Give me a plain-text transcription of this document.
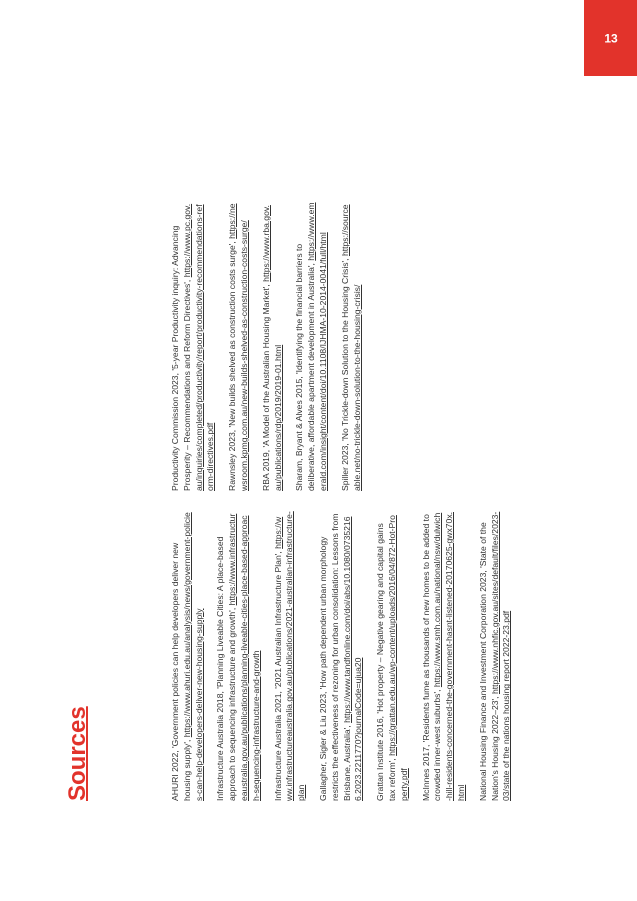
13
Sources	AHURI 2022, 'Government policies can help developers deliver new housing supply', https://www.ahuri.edu.au/analysis/news/government-policies-can-help-developers-deliver-new-housing-supply Infrastructure Australia 2018, 'Planning Liveable Cities: A place-based approach to sequencing infrastructure and growth', https://www.infrastructureaustralia.gov.au/publications/planning-liveable-cities-place-based-approach-sequencing-infrastructure-and-growth Infrastructure Australia 2021, '2021 Australian Infrastructure Plan', https://www.infrastructureaustralia.gov.au/publications/2021-australian-infrastructure-plan Gallagher, Sigler & Liu 2023, 'How path dependent urban morphology restricts the effectiveness of rezoning for urban consolidation: Lessons from Brisbane, Australia', https://www.tandfonline.com/doi/abs/10.1080/07352166.2023.2211770?journalCode=ujua20 Grattan Institute 2016, 'Hot property – Negative gearing and capital gains tax reform', https://grattan.edu.au/wp-content/uploads/2016/04/872-Hot-Property.pdf McInnes 2017, 'Residents fume as thousands of new homes to be added to crowded inner-west suburbs', https://www.smh.com.au/national/nsw/dulwich-hill-residents-concerned-the-government-hasnt-listened-20170625-gwx70x.html National Housing Finance and Investment Corporation 2023, 'State of the Nation's Housing 2022–23', https://www.nhfic.gov.au/sites/default/files/2023-03/state of the nations housing report 2022-23.pdf

Productivity Commission 2023, '5-year Productivity inquiry: Advancing Prosperity – Recommendations and Reform Directives', https://www.pc.gov.au/inquiries/completed/productivity/report/productivity-recommendations-reform-directives.pdf Rawnsley 2023, 'New builds shelved as construction costs surge', https://newsroom.kpmg.com.au/new-builds-shelved-as-construction-costs-surge/ RBA 2019, 'A Model of the Australian Housing Market', https://www.rba.gov.au/publications/rdp/2019/2019-01.html Sharam, Bryant & Alves 2015, 'Identifying the financial barriers to deliberative, affordable apartment development in Australia', https://www.emerald.com/insight/content/doi/10.1108/IJHMA-10-2014-0041/full/html Spiller 2023, 'No Trickle-down Solution to the Housing Crisis', https://sourceable.net/no-trickle-down-solution-to-the-housing-crisis/
